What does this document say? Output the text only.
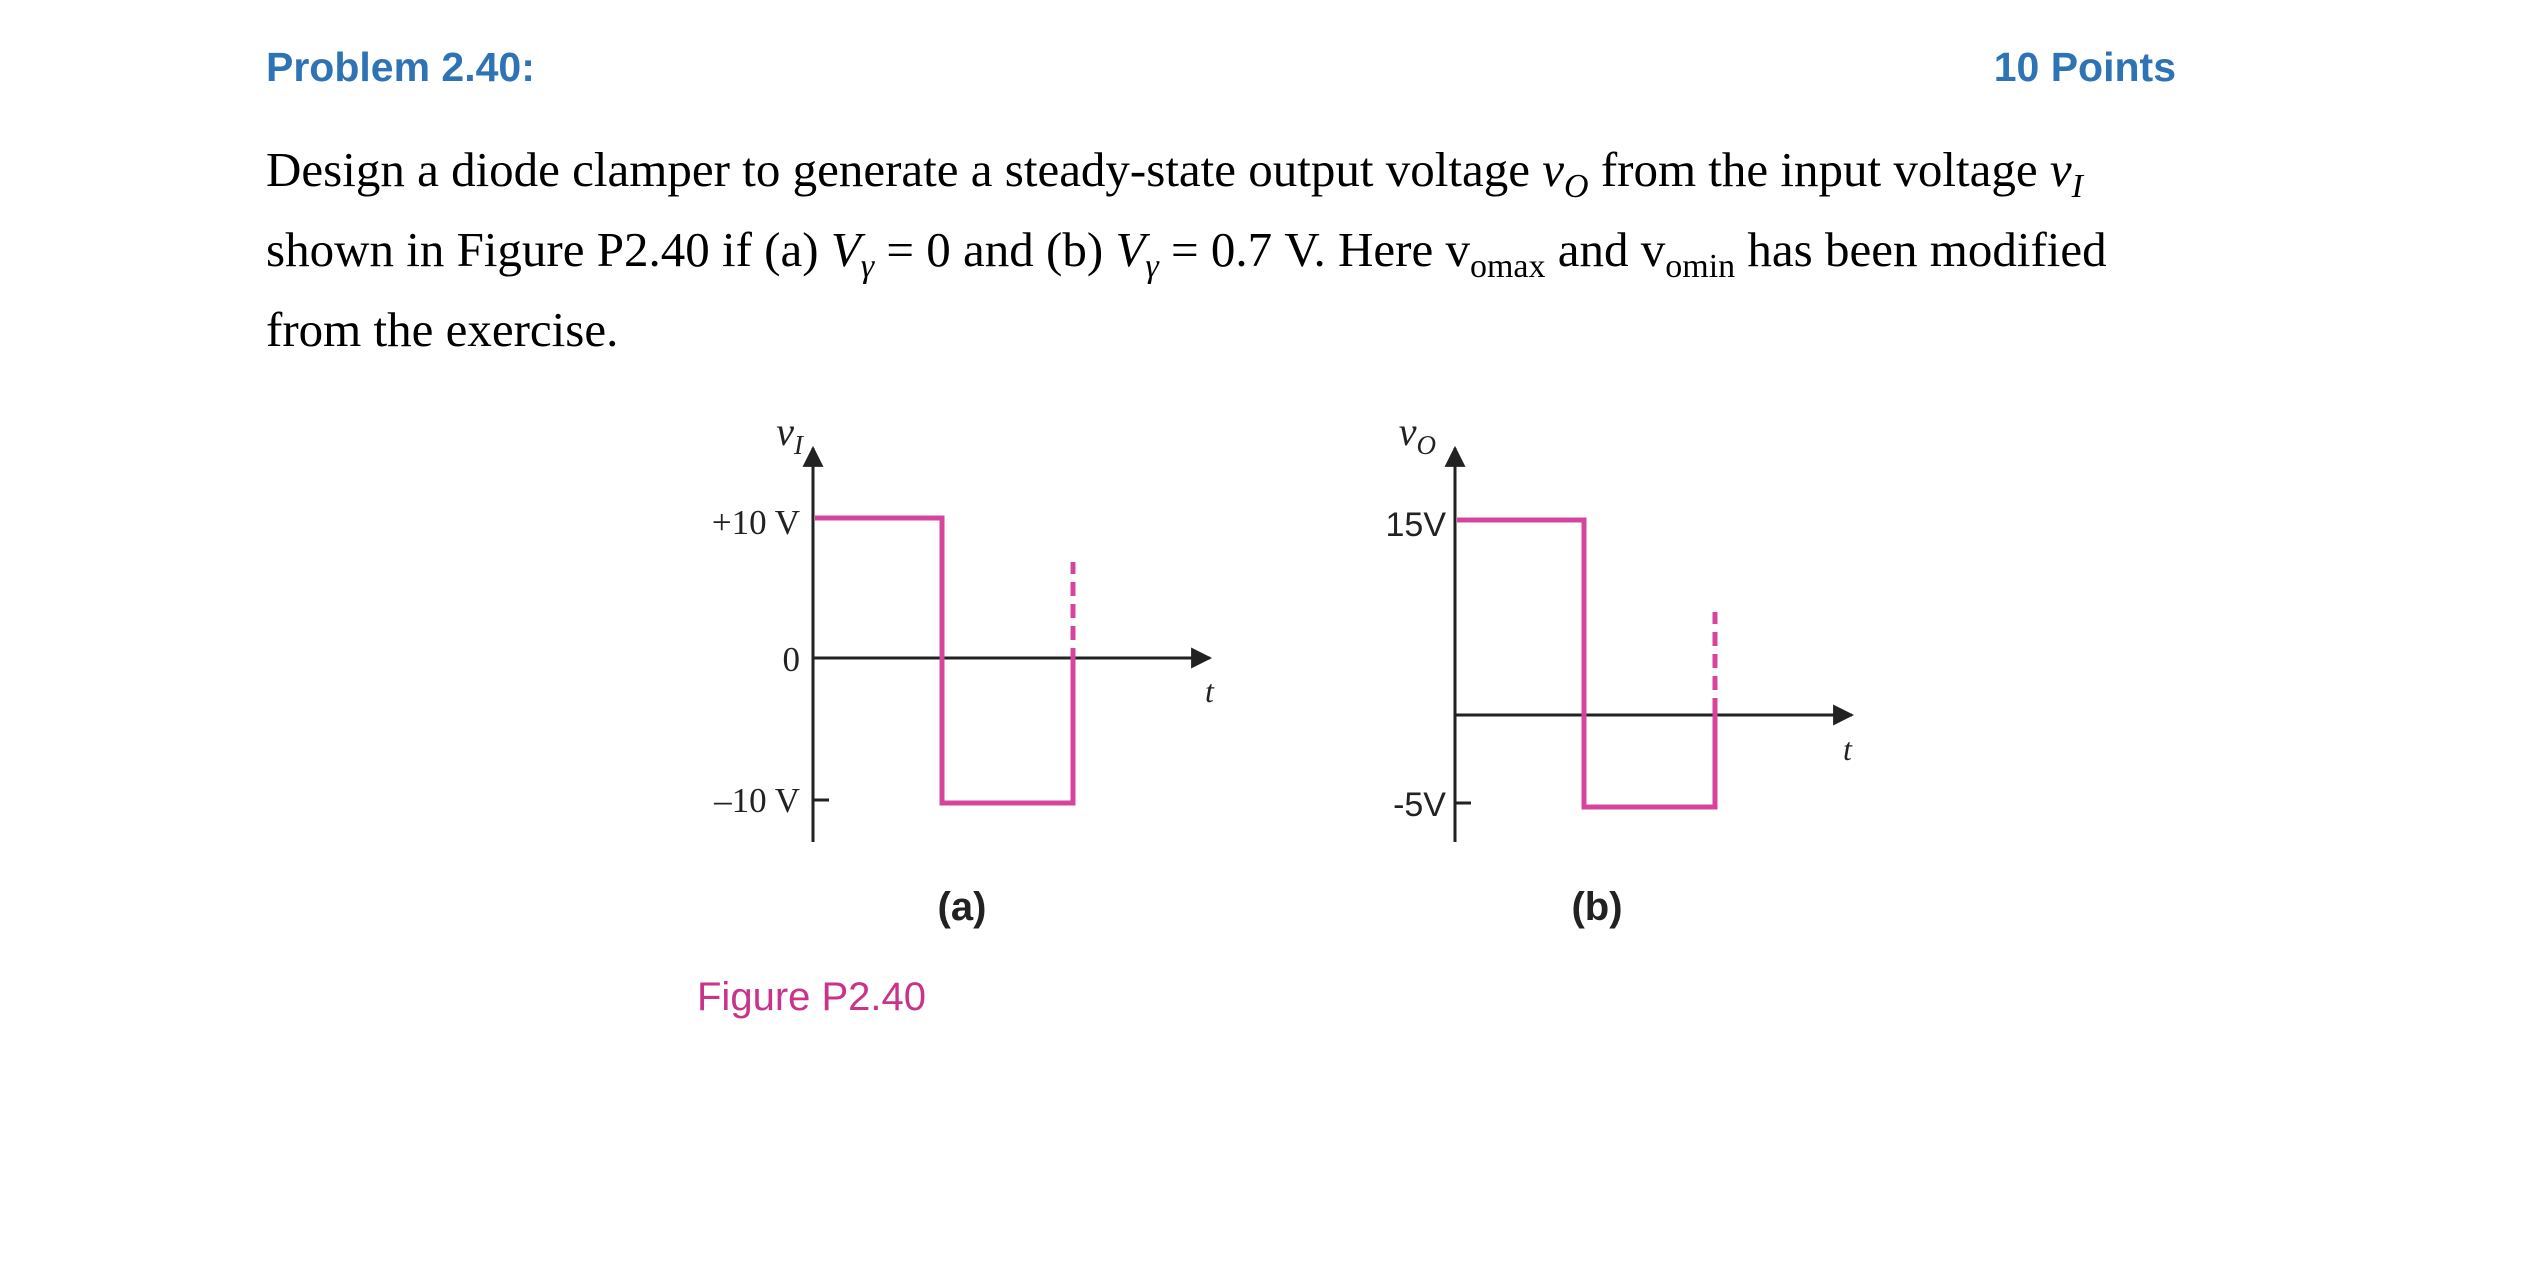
Problem 2.40:	10 Points
Design a diode clamper to generate a steady-state output voltage $v_O$ from the input voltage $v_I$
shown in Figure P2.40 if (a) $V_\gamma = 0$ and (b) $V_\gamma = 0.7$ V. Here $v_{omax}$ and $v_{omin}$ has been modified
from the exercise.
$v_I$
+10 V
0
–10 V
t
(a)
$v_O$
15V
-5V
t
(b)
Figure P2.40
